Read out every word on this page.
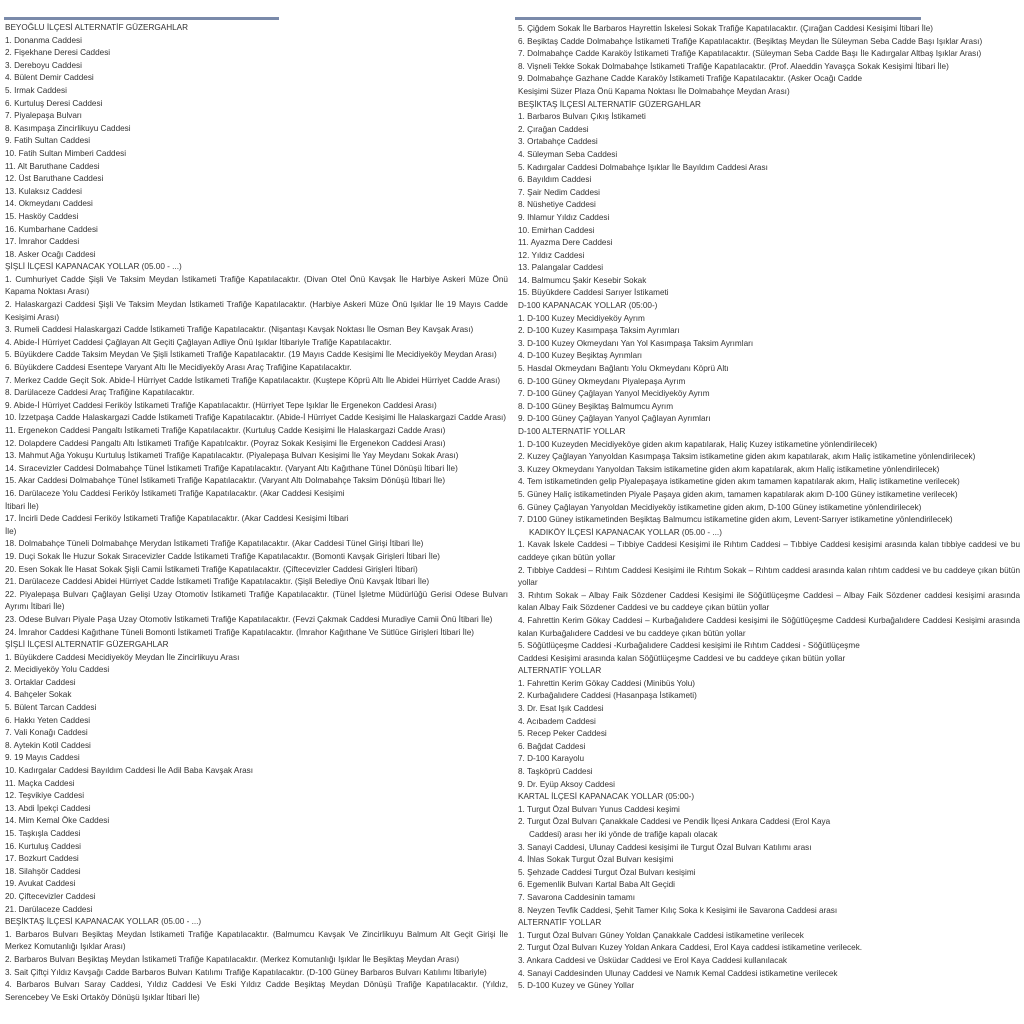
BEYOĞLU İLÇESİ ALTERNATİF GÜZERGAHLAR
1. Donanma Caddesi
2. Fişekhane Deresi Caddesi
3. Dereboyu Caddesi
4. Bülent Demir Caddesi
5. Irmak Caddesi
6. Kurtuluş Deresi Caddesi
7. Piyalepaşa Bulvarı
8. Kasımpaşa Zincirlikuyu Caddesi
9. Fatih Sultan Caddesi
10. Fatih Sultan Mimberi Caddesi
11. Alt Baruthane Caddesi
12. Üst Baruthane Caddesi
13. Kulaksız Caddesi
14. Okmeydanı Caddesi
15. Hasköy Caddesi
16. Kumbarhane Caddesi
17. İmrahor Caddesi
18. Asker Ocağı Caddesi
ŞİŞLİ İLÇESİ KAPANACAK YOLLAR (05.00 - ...)
1. Cumhuriyet Cadde Şişli Ve Taksim Meydan İstikameti Trafiğe Kapatılacaktır. (Divan Otel Önü Kavşak İle Harbiye Askeri Müze Önü Kapama Noktası Arası)
2. Halaskargazi Caddesi Şişli Ve Taksim Meydan İstikameti Trafiğe Kapatılacaktır. (Harbiye Askeri Müze Önü Işıklar İle 19 Mayıs Cadde Kesişimi Arası)
3. Rumeli Caddesi Halaskargazi Cadde İstikameti Trafiğe Kapatılacaktır. (Nişantaşı Kavşak Noktası İle Osman Bey Kavşak Arası)
4. Abide-İ Hürriyet Caddesi Çağlayan Alt Geçiti Çağlayan Adliye Önü Işıklar İtibariyle Trafiğe Kapatılacaktır.
5. Büyükdere Cadde Taksim Meydan Ve Şişli İstikameti Trafiğe Kapatılacaktır. (19 Mayıs Cadde Kesişimi İle Mecidiyeköy Meydan Arası)
6. Büyükdere Caddesi Esentepe Varyant Altı İle Mecidiyeköy Arası Araç Trafiğine Kapatılacaktır.
7. Merkez Cadde Geçit Sok. Abide-İ Hürriyet Cadde İstikameti Trafiğe Kapatılacaktır. (Kuştepe Köprü Altı İle Abidei Hürriyet Cadde Arası)
8. Darülaceze Caddesi Araç Trafiğine Kapatılacaktır.
9. Abide-İ Hürriyet Caddesi Feriköy İstikameti Trafiğe Kapatılacaktır. (Hürriyet Tepe Işıklar İle Ergenekon Caddesi Arası)
10. İzzetpaşa Cadde Halaskargazi Cadde İstikameti Trafiğe Kapatılacaktır. (Abide-İ Hürriyet Cadde Kesişimi İle Halaskargazi Cadde Arası)
11. Ergenekon Caddesi Pangaltı İstikameti Trafiğe Kapatılacaktır. (Kurtuluş Cadde Kesişimi İle Halaskargazi Cadde Arası)
12. Dolapdere Caddesi Pangaltı Altı İstikameti Trafiğe Kapatılcaktır. (Poyraz Sokak Kesişimi İle Ergenekon Caddesi Arası)
13. Mahmut Ağa Yokuşu Kurtuluş İstikameti Trafiğe Kapatılacaktır. (Piyalepaşa Bulvarı Kesişimi İle Yay Meydanı Sokak Arası)
14. Sıracevizler Caddesi Dolmabahçe Tünel İstikameti Trafiğe Kapatılacaktır. (Varyant Altı Kağıthane Tünel Dönüşü İtibari İle)
15. Akar Caddesi Dolmabahçe Tünel İstikameti Trafiğe Kapatılacaktır. (Varyant Altı Dolmabahçe Taksim Dönüşü İtibari İle)
16. Darülaceze Yolu Caddesi Feriköy İstikameti Trafiğe Kapatılacaktır. (Akar Caddesi Kesişimi
İtibari İle)
17. İncirli Dede Caddesi Feriköy İstikameti Trafiğe Kapatılacaktır. (Akar Caddesi Kesişimi İtibari
İle)
18. Dolmabahçe Tüneli Dolmabahçe Merydan İstikameti Trafiğe Kapatılacaktır. (Akar Caddesi Tünel Girişi İtibari İle)
19. Duçi Sokak İle Huzur Sokak Sıracevizler Cadde İstikameti Trafiğe Kapatılacaktır. (Bomonti Kavşak Girişleri İtibari İle)
20. Esen Sokak İle Hasat Sokak Şişli Camii İstikameti Trafiğe Kapatılacaktır. (Çiftecevizler Caddesi Girişleri İtibari)
21. Darülaceze Caddesi Abidei Hürriyet Cadde İstikameti Trafiğe Kapatılacaktır. (Şişli Belediye Önü Kavşak İtibari İle)
22. Piyalepaşa Bulvarı Çağlayan Gelişi Uzay Otomotiv İstikameti Trafiğe Kapatılacaktır. (Tünel İşletme Müdürlüğü Gerisi Odese Bulvarı Ayrımı İtibari İle)
23. Odese Bulvarı Piyale Paşa Uzay Otomotiv İstikameti Trafiğe Kapatılacaktır. (Fevzi Çakmak Caddesi Muradiye Camii Önü İtibari İle)
24. İmrahor Caddesi Kağıthane Tüneli Bomonti İstikameti Trafiğe Kapatılacaktır. (İmrahor Kağıthane Ve Sütlüce Girişleri İtibari İle)
ŞİŞLİ İLÇESİ ALTERNATİF GÜZERGAHLAR
1. Büyükdere Caddesi Mecidiyeköy Meydan İle Zincirlikuyu Arası
2. Mecidiyeköy Yolu Caddesi
3. Ortaklar Caddesi
4. Bahçeler Sokak
5. Bülent Tarcan Caddesi
6. Hakkı Yeten Caddesi
7. Vali Konağı Caddesi
8. Aytekin Kotil Caddesi
9. 19 Mayıs Caddesi
10. Kadırgalar Caddesi Bayıldım Caddesi İle Adil Baba Kavşak Arası
11. Maçka Caddesi
12. Teşvikiye Caddesi
13. Abdi İpekçi Caddesi
14. Mim Kemal Öke Caddesi
15. Taşkışla Caddesi
16. Kurtuluş Caddesi
17. Bozkurt Caddesi
18. Silahşör Caddesi
19. Avukat Caddesi
20. Çiftecevizler Caddesi
21. Darülaceze Caddesi
BEŞİKTAŞ İLÇESİ KAPANACAK YOLLAR (05.00 - ...)
1. Barbaros Bulvarı Beşiktaş Meydan İstikameti Trafiğe Kapatılacaktır. (Balmumcu Kavşak Ve Zincirlikuyu Balmum Alt Geçit Girişi İle Merkez Komutanlığı Işıklar Arası)
2. Barbaros Bulvarı Beşiktaş Meydan İstikameti Trafiğe Kapatılacaktır. (Merkez Komutanlığı Işıklar İle Beşiktaş Meydan Arası)
3. Sait Çiftçi Yıldız Kavşağı Cadde Barbaros Bulvarı Katılımı Trafiğe Kapatılacaktır. (D-100 Güney Barbaros Bulvarı Katılımı İtibariyle)
4. Barbaros Bulvarı Saray Caddesi, Yıldız Caddesi Ve Eski Yıldız Cadde Beşiktaş Meydan Dönüşü Trafiğe Kapatılacaktır. (Yıldız, Serencebey Ve Eski Ortaköy Dönüşü Işıklar İtibari İle)
5. Çiğdem Sokak İle Barbaros Hayrettin İskelesi Sokak Trafiğe Kapatılacaktır. (Çırağan Caddesi Kesişimi İtibari İle)
6. Beşiktaş Cadde Dolmabahçe İstikameti Trafiğe Kapatılacaktır. (Beşiktaş Meydan İle Süleyman Seba Cadde Başı Işıklar Arası)
7. Dolmabahçe Cadde Karaköy İstikameti Trafiğe Kapatılacaktır. (Süleyman Seba Cadde Başı İle Kadırgalar Altbaş Işıklar Arası)
8. Vişneli Tekke Sokak Dolmabahçe İstikameti Trafiğe Kapatılacaktır. (Prof. Alaeddin Yavaşça Sokak Kesişimi İtibari İle)
9. Dolmabahçe Gazhane Cadde Karaköy İstikameti Trafiğe Kapatılacaktır. (Asker Ocağı Cadde
Kesişimi Süzer Plaza Önü Kapama Noktası İle Dolmabahçe Meydan Arası)
BEŞİKTAŞ İLÇESİ ALTERNATİF GÜZERGAHLAR
1. Barbaros Bulvarı Çıkış İstikameti
2. Çırağan Caddesi
3. Ortabahçe Caddesi
4. Süleyman Seba Caddesi
5. Kadırgalar Caddesi Dolmabahçe Işıklar İle Bayıldım Caddesi Arası
6. Bayıldım Caddesi
7. Şair Nedim Caddesi
8. Nüshetiye Caddesi
9. Ihlamur Yıldız Caddesi
10. Emirhan Caddesi
11. Ayazma Dere Caddesi
12. Yıldız Caddesi
13. Palangalar Caddesi
14. Balmumcu Şakir Kesebir Sokak
15. Büyükdere Caddesi Sarıyer İstikameti
D-100 KAPANACAK YOLLAR (05:00-)
1. D-100 Kuzey Mecidiyeköy Ayrım
2. D-100 Kuzey Kasımpaşa Taksim Ayrımları
3. D-100 Kuzey Okmeydanı Yan Yol Kasımpaşa Taksim Ayrımları
4. D-100 Kuzey Beşiktaş Ayrımları
5. Hasdal Okmeydanı Bağlantı Yolu Okmeydanı Köprü Altı
6. D-100 Güney Okmeydanı Piyalepaşa Ayrım
7. D-100 Güney Çağlayan Yanyol Mecidiyeköy Ayrım
8. D-100 Güney Beşiktaş Balmumcu Ayrım
9. D-100 Güney Çağlayan Yanyol Çağlayan Ayrımları
D-100 ALTERNATİF YOLLAR
1. D-100 Kuzeyden Mecidiyeköye giden akım kapatılarak, Haliç Kuzey istikametine yönlendirilecek)
2. Kuzey Çağlayan Yanyoldan Kasımpaşa Taksim istikametine giden akım kapatılarak, akım Haliç istikametine yönlendirilecek)
3. Kuzey Okmeydanı Yanyoldan Taksim istikametine giden akım kapatılarak, akım Haliç istikametine yönlendirilecek)
4. Tem istikametinden gelip Piyalepaşaya istikametine giden akım tamamen kapatılarak akım, Haliç istikametine verilecek)
5. Güney Haliç istikametinden Piyale Paşaya giden akım, tamamen kapatılarak akım D-100 Güney istikametine verilecek)
6. Güney Çağlayan Yanyoldan Mecidiyeköy istikametine giden akım, D-100 Güney istikametine yönlendirilecek)
7. D100 Güney istikametinden Beşiktaş Balmumcu istikametine giden akım, Levent-Sarıyer istikametine yönlendirilecek)
KADIKÖY İLÇESİ KAPANACAK YOLLAR (05.00 - ...)
1. Kavak İskele Caddesi – Tıbbiye Caddesi Kesişimi ile Rıhtım Caddesi – Tıbbiye Caddesi kesişimi arasında kalan tıbbiye caddesi ve bu caddeye çıkan bütün yollar
2. Tıbbiye Caddesi – Rıhtım Caddesi Kesişimi ile Rıhtım Sokak – Rıhtım caddesi arasında kalan rıhtım caddesi ve bu caddeye çıkan bütün yollar
3. Rıhtım Sokak – Albay Faik Sözdener Caddesi Kesişimi ile Söğütlüçeşme Caddesi – Albay Faik Sözdener caddesi kesişimi arasında kalan Albay Faik Sözdener Caddesi ve bu caddeye çıkan bütün yollar
4. Fahrettin Kerim Gökay Caddesi – Kurbağalıdere Caddesi kesişimi ile Söğütlüçeşme Caddesi Kurbağalıdere Caddesi Kesişimi arasında kalan Kurbağalıdere Caddesi ve bu caddeye çıkan bütün yollar
5. Söğütlüçeşme Caddesi -Kurbağalıdere Caddesi kesişimi ile Rıhtım Caddesi - Söğütlüçeşme
Caddesi Kesişimi arasında kalan Söğütlüçeşme Caddesi ve bu caddeye çıkan bütün yollar
ALTERNATİF YOLLAR
1. Fahrettin Kerim Gökay Caddesi (Minibüs Yolu)
2. Kurbağalıdere Caddesi (Hasanpaşa İstikameti)
3. Dr. Esat Işık Caddesi
4. Acıbadem Caddesi
5. Recep Peker Caddesi
6. Bağdat Caddesi
7. D-100 Karayolu
8. Taşköprü Caddesi
9. Dr. Eyüp Aksoy Caddesi
KARTAL İLÇESİ KAPANACAK YOLLAR (05:00-)
1. Turgut Özal Bulvarı Yunus Caddesi keşimi
2. Turgut Özal Bulvarı Çanakkale Caddesi ve Pendik İlçesi Ankara Caddesi (Erol Kaya
Caddesi) arası her iki yönde de trafiğe kapalı olacak
3. Sanayi Caddesi, Ulunay Caddesi kesişimi ile Turgut Özal Bulvarı Katılımı arası
4. İhlas Sokak Turgut Özal Bulvarı kesişimi
5. Şehzade Caddesi Turgut Özal Bulvarı kesişimi
6. Egemenlik Bulvarı Kartal Baba Alt Geçidi
7. Savarona Caddesinin tamamı
8. Neyzen Tevfik Caddesi, Şehit Tamer Kılıç Soka k Kesişimi ile Savarona Caddesi arası
ALTERNATİF YOLLAR
1. Turgut Özal Bulvarı Güney Yoldan Çanakkale Caddesi istikametine verilecek
2. Turgut Özal Bulvarı Kuzey Yoldan Ankara Caddesi, Erol Kaya caddesi istikametine verilecek.
3. Ankara Caddesi ve Üsküdar Caddesi ve Erol Kaya Caddesi kullanılacak
4. Sanayi Caddesinden Ulunay Caddesi ve Namık Kemal Caddesi istikametine verilecek
5. D-100 Kuzey ve Güney Yollar
